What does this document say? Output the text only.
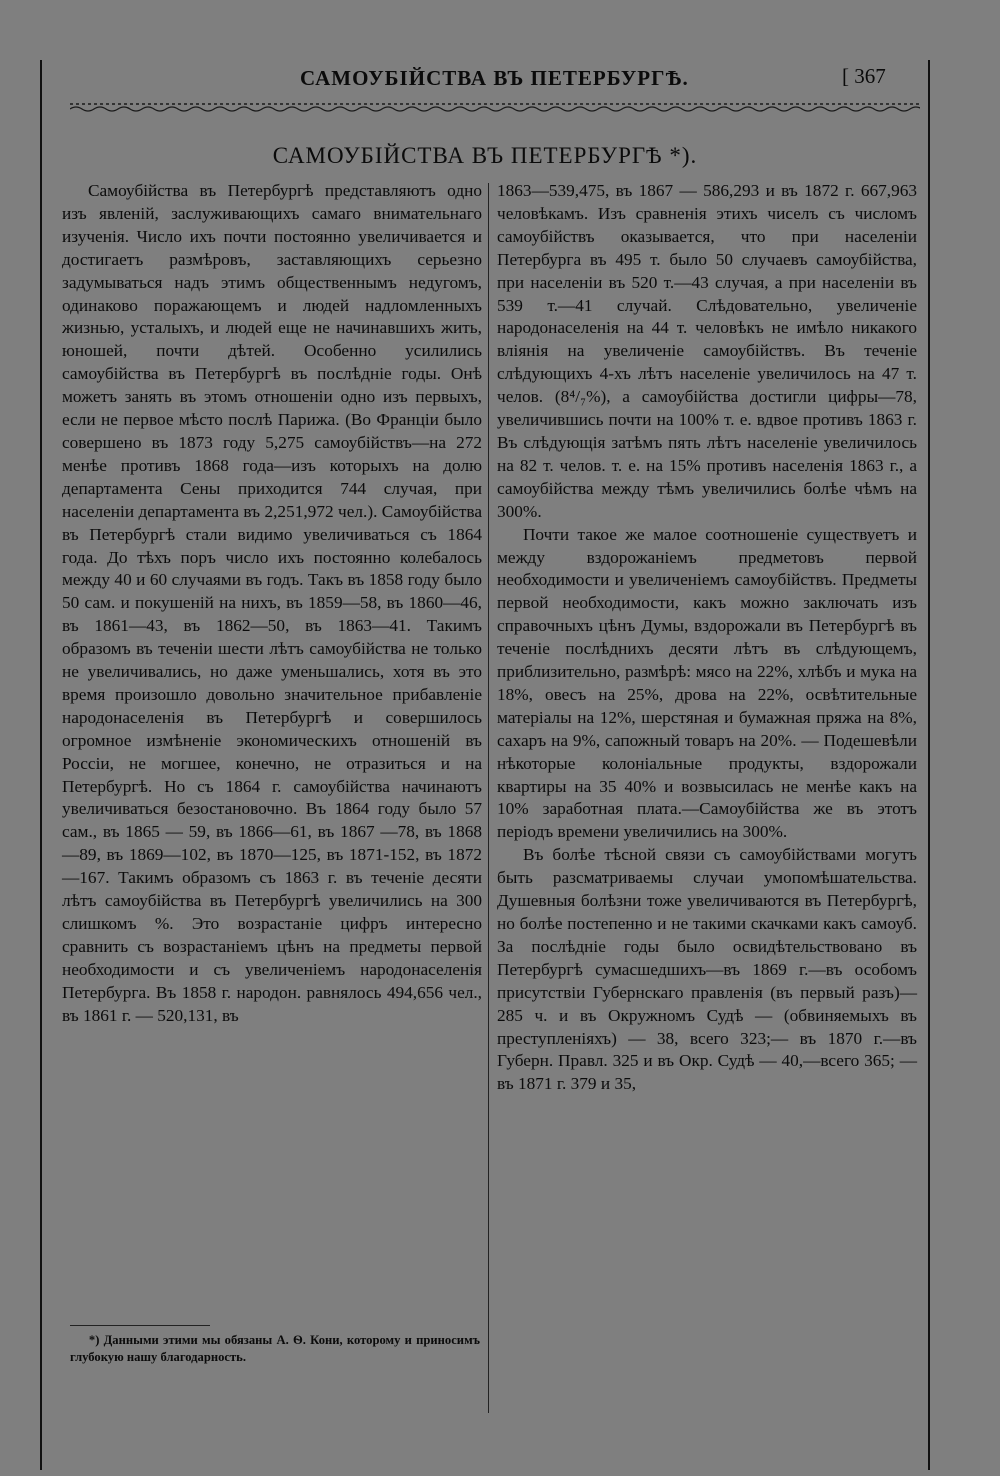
САМОУБІЙСТВА ВЪ ПЕТЕРБУРГѢ.	[ 367
САМОУБІЙСТВА ВЪ ПЕТЕРБУРГѢ *).

Самоубійства въ Петербургѣ представляютъ одно изъ явленій, заслуживающихъ самаго внимательнаго изученія. Число ихъ почти постоянно увеличивается и достигаетъ размѣровъ, заставляющихъ серьезно задумываться надъ этимъ общественнымъ недугомъ, одинаково поражающемъ и людей надломленныхъ жизнью, усталыхъ, и людей еще не начинавшихъ жить, юношей, почти дѣтей. Особенно усилились самоубійства въ Петербургѣ въ послѣдніе годы. Онѣ можетъ занять въ этомъ отношеніи одно изъ первыхъ, если не первое мѣсто послѣ Парижа. (Во Франціи было совершено въ 1873 году 5,275 самоубійствъ—на 272 менѣе противъ 1868 года—изъ которыхъ на долю департамента Сены приходится 744 случая, при населеніи департамента въ 2,251,972 чел.). Самоубійства въ Петербургѣ стали видимо увеличиваться съ 1864 года. До тѣхъ поръ число ихъ постоянно колебалось между 40 и 60 случаями въ годъ. Такъ въ 1858 году было 50 сам. и покушеній на нихъ, въ 1859—58, въ 1860—46, въ 1861—43, въ 1862—50, въ 1863—41. Такимъ образомъ въ теченіи шести лѣтъ самоубійства не только не увеличивались, но даже уменьшались, хотя въ это время произошло довольно значительное прибавленіе народонаселенія въ Петербургѣ и совершилось огромное измѣненіе экономическихъ отношеній въ Россіи, не могшее, конечно, не отразиться и на Петербургѣ. Но съ 1864 г. самоубійства начинаютъ увеличиваться безостановочно. Въ 1864 году было 57 сам., въ 1865 — 59, въ 1866—61, въ 1867 —78, въ 1868—89, въ 1869—102, въ 1870—125, въ 1871-152, въ 1872—167. Такимъ образомъ съ 1863 г. въ теченіе десяти лѣтъ самоубійства въ Петербургѣ увеличились на 300 слишкомъ %. Это возрастаніе цифръ интересно сравнить съ возрастаніемъ цѣнъ на предметы первой необходимости и съ увеличеніемъ народонаселенія Петербурга. Въ 1858 г. народон. равнялось 494,656 чел., въ 1861 г. — 520,131, въ

1863—539,475, въ 1867 — 586,293 и въ 1872 г. 667,963 человѣкамъ. Изъ сравненія этихъ чиселъ съ числомъ самоубійствъ оказывается, что при населеніи Петербурга въ 495 т. было 50 случаевъ самоубійства, при населеніи въ 520 т.—43 случая, а при населеніи въ 539 т.—41 случай. Слѣдовательно, увеличеніе народонаселенія на 44 т. человѣкъ не имѣло никакого вліянія на увеличеніе самоубійствъ. Въ теченіе слѣдующихъ 4-хъ лѣтъ населеніе увеличилось на 47 т. челов. (8⁴/₇%), а самоубійства достигли цифры—78, увеличившись почти на 100% т. е. вдвое противъ 1863 г. Въ слѣдующія затѣмъ пять лѣтъ населеніе увеличилось на 82 т. челов. т. е. на 15% противъ населенія 1863 г., а самоубійства между тѣмъ увеличились болѣе чѣмъ на 300%.

Почти такое же малое соотношеніе существуетъ и между вздорожаніемъ предметовъ первой необходимости и увеличеніемъ самоубійствъ. Предметы первой необходимости, какъ можно заключать изъ справочныхъ цѣнъ Думы, вздорожали въ Петербургѣ въ теченіе послѣднихъ десяти лѣтъ въ слѣдующемъ, приблизительно, размѣрѣ: мясо на 22%, хлѣбъ и мука на 18%, овесъ на 25%, дрова на 22%, освѣтительные матеріалы на 12%, шерстяная и бумажная пряжа на 8%, сахаръ на 9%, сапожный товаръ на 20%. — Подешевѣли нѣкоторые колоніальные продукты, вздорожали квартиры на 35 40% и возвысилась не менѣе какъ на 10% заработная плата.—Самоубійства же въ этотъ періодъ времени увеличились на 300%.

Въ болѣе тѣсной связи съ самоубійствами могутъ быть разсматриваемы случаи умопомѣшательства. Душевныя болѣзни тоже увеличиваются въ Петербургѣ, но болѣе постепенно и не такими скачками какъ самоуб. За послѣдніе годы было освидѣтельствовано въ Петербургѣ сумасшедшихъ—въ 1869 г.—въ особомъ присутствіи Губернскаго правленія (въ первый разъ)— 285 ч. и въ Окружномъ Судѣ — (обвиняемыхъ въ преступленіяхъ) — 38, всего 323;— въ 1870 г.—въ Губерн. Правл. 325 и въ Окр. Судѣ — 40,—всего 365; — въ 1871 г. 379 и 35,

*) Данными этими мы обязаны А. Ѳ. Кони, которому и приносимъ глубокую нашу благодарность.
